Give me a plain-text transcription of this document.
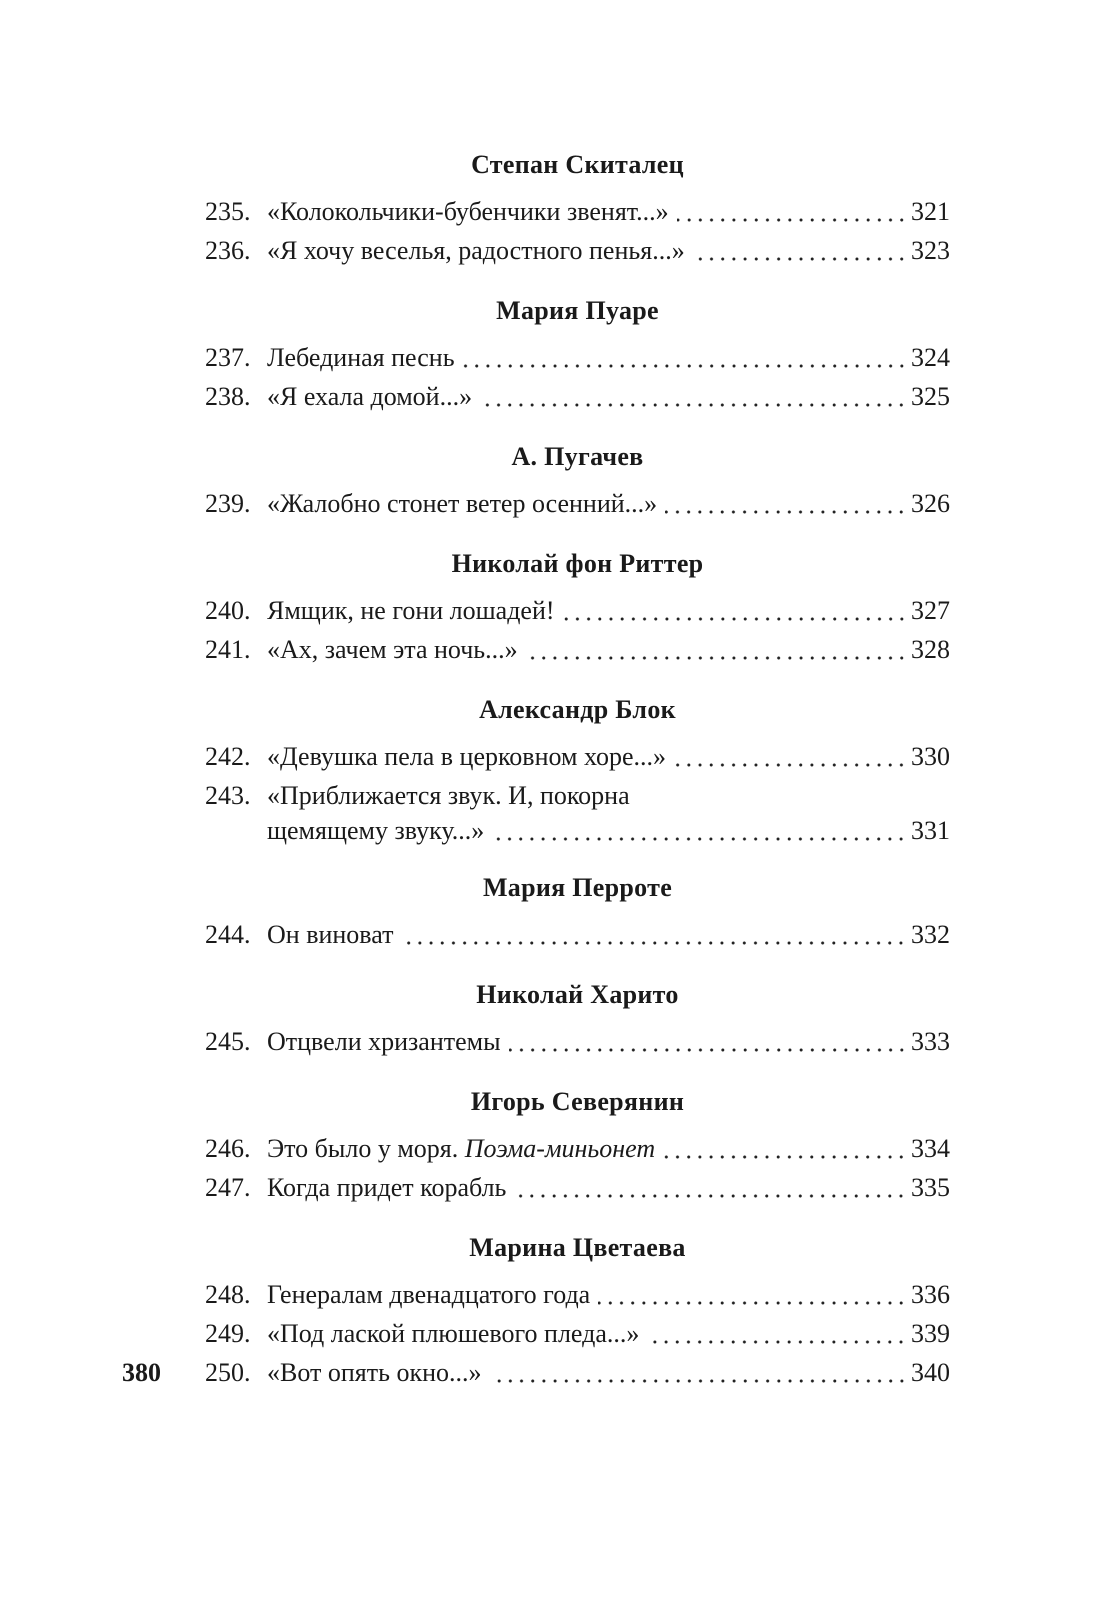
Степан Скиталец
235. «Колокольчики-бубенчики звенят...»	321
236. «Я хочу веселья, радостного пенья...»	323
Мария Пуаре
237. Лебединая песнь	324
238. «Я ехала домой...»	325
А. Пугачев
239. «Жалобно стонет ветер осенний...»	326
Николай фон Риттер
240. Ямщик, не гони лошадей!	327
241. «Ах, зачем эта ночь...»	328
Александр Блок
242. «Девушка пела в церковном хоре...»	330
243. «Приближается звук. И, покорна
щемящему звуку...»	331
Мария Перроте
244. Он виноват	332
Николай Харито
245. Отцвели хризантемы	333
Игорь Северянин
246. Это было у моря. Поэма-миньонет	334
247. Когда придет корабль	335
Марина Цветаева
248. Генералам двенадцатого года	336
249. «Под лаской плюшевого пледа...»	339
250. «Вот опять окно...»	340
380
